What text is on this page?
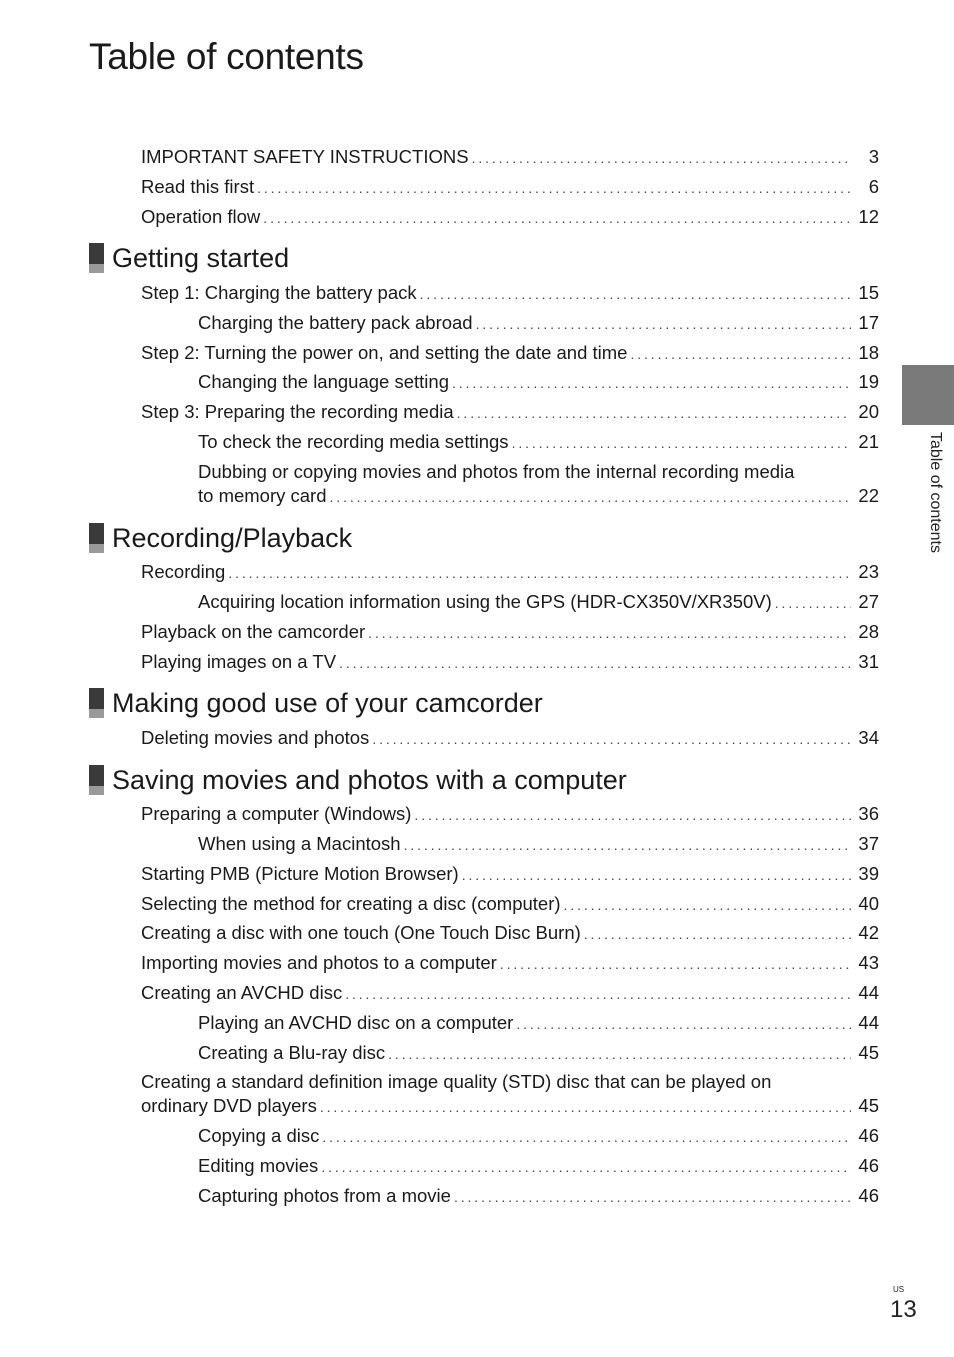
Table of contents
IMPORTANT SAFETY INSTRUCTIONS . . .	3
Read this first . . .	6
Operation flow . . .	12
Getting started
Step 1: Charging the battery pack . . .	15
Charging the battery pack abroad . . .	17
Step 2: Turning the power on, and setting the date and time . . .	18
Changing the language setting . . .	19
Step 3: Preparing the recording media . . .	20
To check the recording media settings . . .	21
Dubbing or copying movies and photos from the internal recording media
to memory card . . .	22
Recording/Playback
Recording . . .	23
Acquiring location information using the GPS (HDR-CX350V/XR350V) . . .	27
Playback on the camcorder . . .	28
Playing images on a TV . . .	31
Making good use of your camcorder
Deleting movies and photos . . .	34
Saving movies and photos with a computer
Preparing a computer (Windows) . . .	36
When using a Macintosh . . .	37
Starting PMB (Picture Motion Browser) . . .	39
Selecting the method for creating a disc (computer) . . .	40
Creating a disc with one touch (One Touch Disc Burn) . . .	42
Importing movies and photos to a computer . . .	43
Creating an AVCHD disc . . .	44
Playing an AVCHD disc on a computer . . .	44
Creating a Blu-ray disc . . .	45
Creating a standard definition image quality (STD) disc that can be played on
ordinary DVD players . . .	45
Copying a disc . . .	46
Editing movies . . .	46
Capturing photos from a movie . . .	46
Table of contents
US
13
